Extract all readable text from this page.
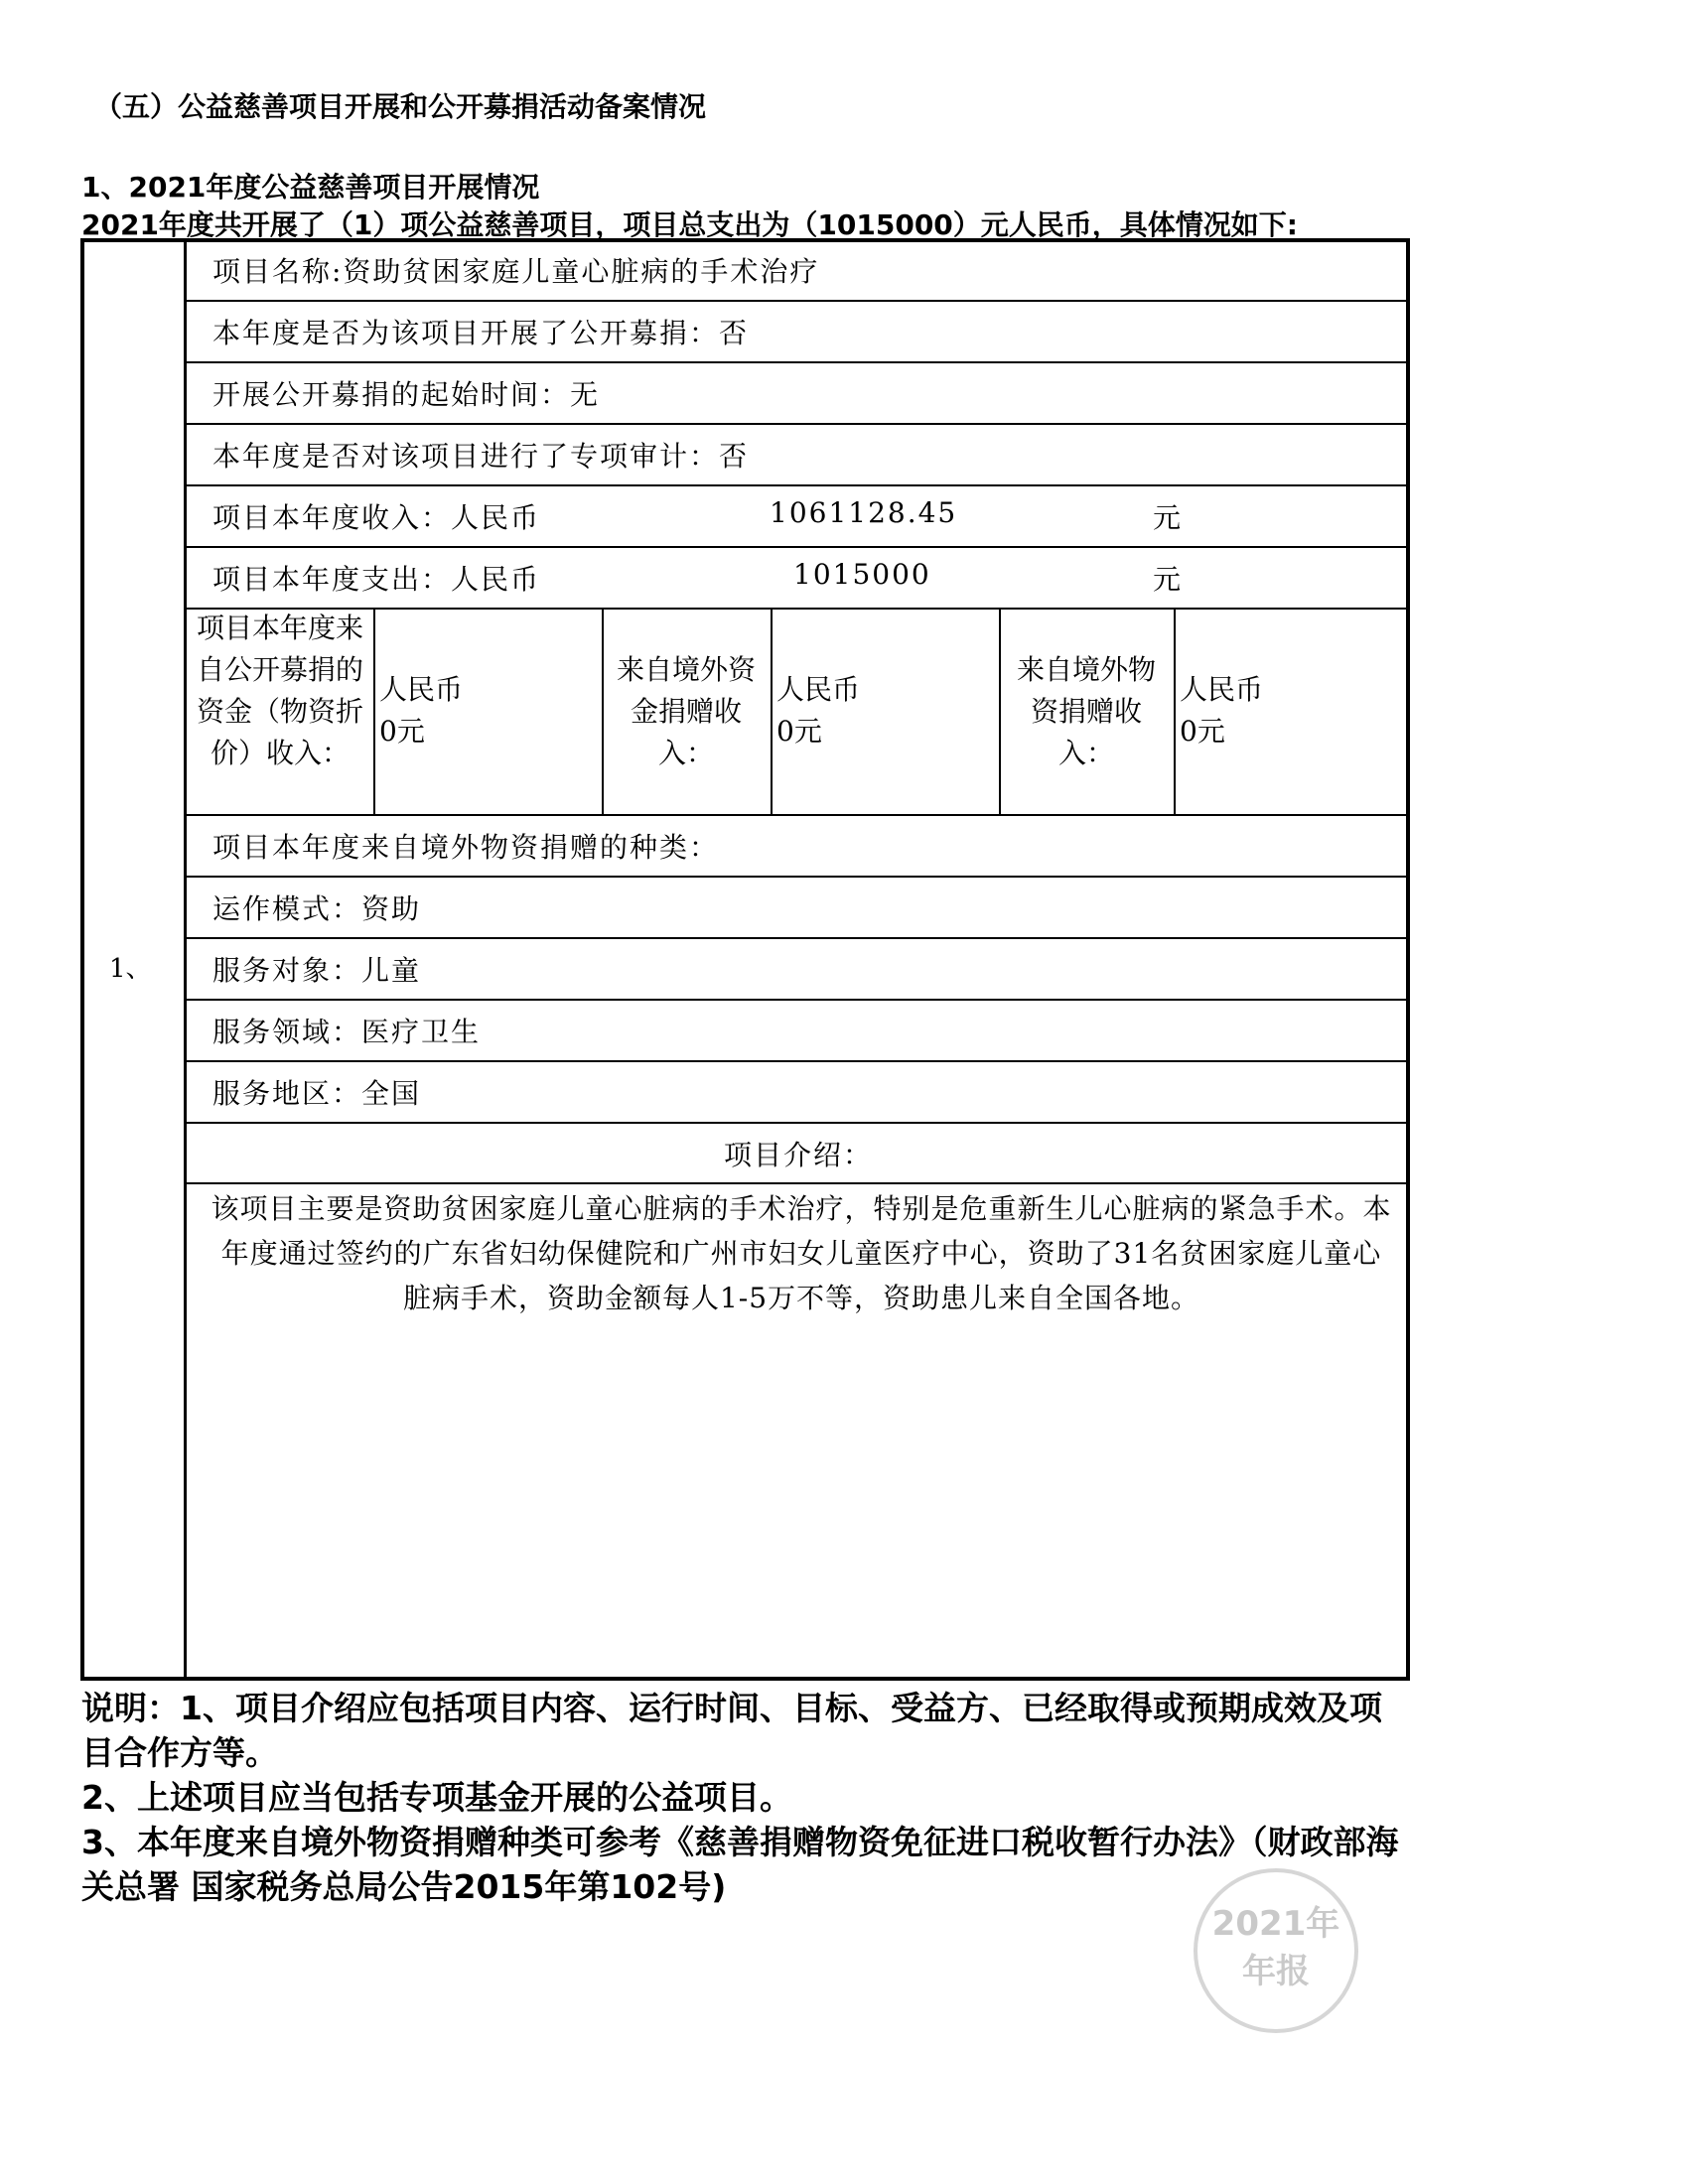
（五）公益慈善项目开展和公开募捐活动备案情况
1、2021年度公益慈善项目开展情况
2021年度共开展了（1）项公益慈善项目，项目总支出为（1015000）元人民币，具体情况如下:
1、
项目名称:资助贫困家庭儿童心脏病的手术治疗
本年度是否为该项目开展了公开募捐：否
开展公开募捐的起始时间：无
本年度是否对该项目进行了专项审计：否
项目本年度收入：人民币	1061128.45	元
项目本年度支出：人民币	1015000	元
项目本年度来自公开募捐的资金（物资折价）收入：
人民币
0元
来自境外资金捐赠收入：
人民币
0元
来自境外物资捐赠收入：
人民币
0元
项目本年度来自境外物资捐赠的种类：
运作模式：资助
服务对象：儿童
服务领域：医疗卫生
服务地区：全国
项目介绍：
该项目主要是资助贫困家庭儿童心脏病的手术治疗，特别是危重新生儿心脏病的紧急手术。本年度通过签约的广东省妇幼保健院和广州市妇女儿童医疗中心，资助了31名贫困家庭儿童心脏病手术，资助金额每人1-5万不等，资助患儿来自全国各地。

说明：1、项目介绍应包括项目内容、运行时间、目标、受益方、已经取得或预期成效及项目合作方等。

2、上述项目应当包括专项基金开展的公益项目。

3、本年度来自境外物资捐赠种类可参考《慈善捐赠物资免征进口税收暂行办法》（财政部海关总署 国家税务总局公告2015年第102号)

2021年
年报
